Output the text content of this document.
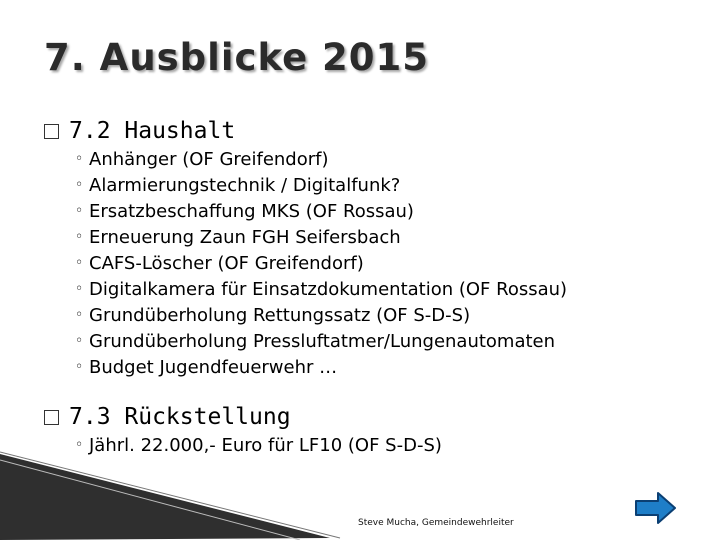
7. Ausblicke 2015
7.2 Haushalt
◦ Anhänger (OF Greifendorf)
◦ Alarmierungstechnik / Digitalfunk?
◦ Ersatzbeschaffung MKS (OF Rossau)
◦ Erneuerung Zaun FGH Seifersbach
◦ CAFS-Löscher (OF Greifendorf)
◦ Digitalkamera für Einsatzdokumentation (OF Rossau)
◦ Grundüberholung Rettungssatz (OF S-D-S)
◦ Grundüberholung Pressluftatmer/Lungenautomaten
◦ Budget Jugendfeuerwehr …
7.3 Rückstellung
◦ Jährl. 22.000,- Euro für LF10 (OF S-D-S)
Steve Mucha, Gemeindewehrleiter
